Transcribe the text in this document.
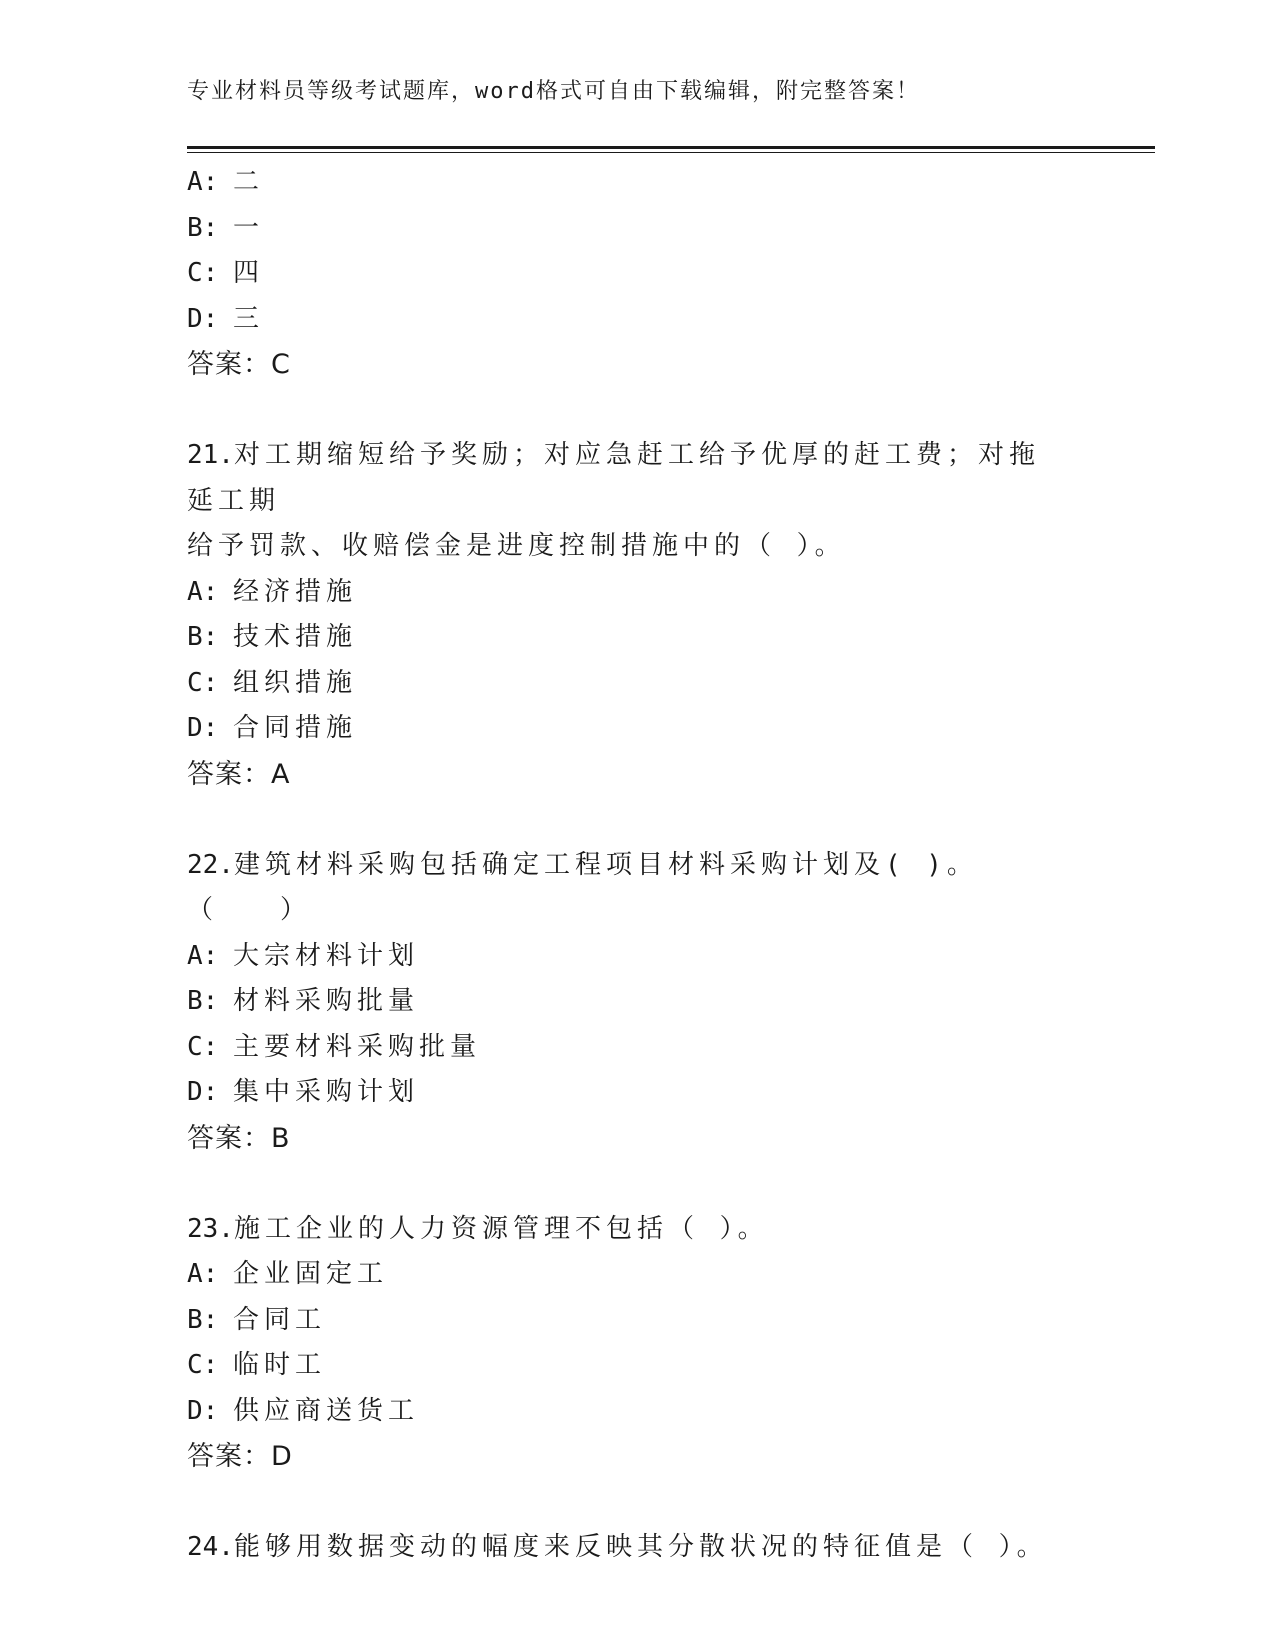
专业材料员等级考试题库，word格式可自由下载编辑，附完整答案！
A: 二
B: 一
C: 四
D: 三
答案：C
21.对工期缩短给予奖励；对应急赶工给予优厚的赶工费；对拖延工期
给予罚款、收赔偿金是进度控制措施中的（ ）。
A: 经济措施
B: 技术措施
C: 组织措施
D: 合同措施
答案：A
22.建筑材料采购包括确定工程项目材料采购计划及( )。（　　）
A: 大宗材料计划
B: 材料采购批量
C: 主要材料采购批量
D: 集中采购计划
答案：B
23.施工企业的人力资源管理不包括（ ）。
A: 企业固定工
B: 合同工
C: 临时工
D: 供应商送货工
答案：D
24.能够用数据变动的幅度来反映其分散状况的特征值是（ ）。
